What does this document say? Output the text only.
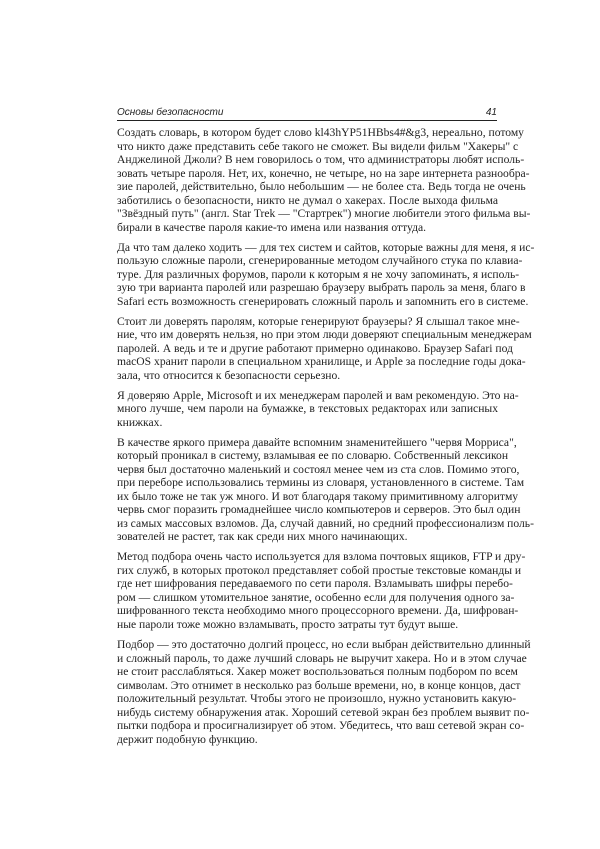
Основы безопасности	41
Создать словарь, в котором будет слово kl43hYP51HBbs4#&g3, нереально, потому
что никто даже представить себе такого не сможет. Вы видели фильм "Хакеры" с
Анджелиной Джоли? В нем говорилось о том, что администраторы любят исполь-
зовать четыре пароля. Нет, их, конечно, не четыре, но на заре интернета разнообра-
зие паролей, действительно, было небольшим — не более ста. Ведь тогда не очень
заботились о безопасности, никто не думал о хакерах. После выхода фильма
"Звёздный путь" (англ. Star Trek — "Стартрек") многие любители этого фильма вы-
бирали в качестве пароля какие-то имена или названия оттуда.
Да что там далеко ходить — для тех систем и сайтов, которые важны для меня, я ис-
пользую сложные пароли, сгенерированные методом случайного стука по клавиа-
туре. Для различных форумов, пароли к которым я не хочу запоминать, я исполь-
зую три варианта паролей или разрешаю браузеру выбрать пароль за меня, благо в
Safari есть возможность сгенерировать сложный пароль и запомнить его в системе.
Стоит ли доверять паролям, которые генерируют браузеры? Я слышал такое мне-
ние, что им доверять нельзя, но при этом люди доверяют специальным менеджерам
паролей. А ведь и те и другие работают примерно одинаково. Браузер Safari под
macOS хранит пароли в специальном хранилище, и Apple за последние годы дока-
зала, что относится к безопасности серьезно.
Я доверяю Apple, Microsoft и их менеджерам паролей и вам рекомендую. Это на-
много лучше, чем пароли на бумажке, в текстовых редакторах или записных
книжках.
В качестве яркого примера давайте вспомним знаменитейшего "червя Морриса",
который проникал в систему, взламывая ее по словарю. Собственный лексикон
червя был достаточно маленький и состоял менее чем из ста слов. Помимо этого,
при переборе использовались термины из словаря, установленного в системе. Там
их было тоже не так уж много. И вот благодаря такому примитивному алгоритму
червь смог поразить громаднейшее число компьютеров и серверов. Это был один
из самых массовых взломов. Да, случай давний, но средний профессионализм поль-
зователей не растет, так как среди них много начинающих.
Метод подбора очень часто используется для взлома почтовых ящиков, FTP и дру-
гих служб, в которых протокол представляет собой простые текстовые команды и
где нет шифрования передаваемого по сети пароля. Взламывать шифры перебо-
ром — слишком утомительное занятие, особенно если для получения одного за-
шифрованного текста необходимо много процессорного времени. Да, шифрован-
ные пароли тоже можно взламывать, просто затраты тут будут выше.
Подбор — это достаточно долгий процесс, но если выбран действительно длинный
и сложный пароль, то даже лучший словарь не выручит хакера. Но и в этом случае
не стоит расслабляться. Хакер может воспользоваться полным подбором по всем
символам. Это отнимет в несколько раз больше времени, но, в конце концов, даст
положительный результат. Чтобы этого не произошло, нужно установить какую-
нибудь систему обнаружения атак. Хороший сетевой экран без проблем выявит по-
пытки подбора и просигнализирует об этом. Убедитесь, что ваш сетевой экран со-
держит подобную функцию.
